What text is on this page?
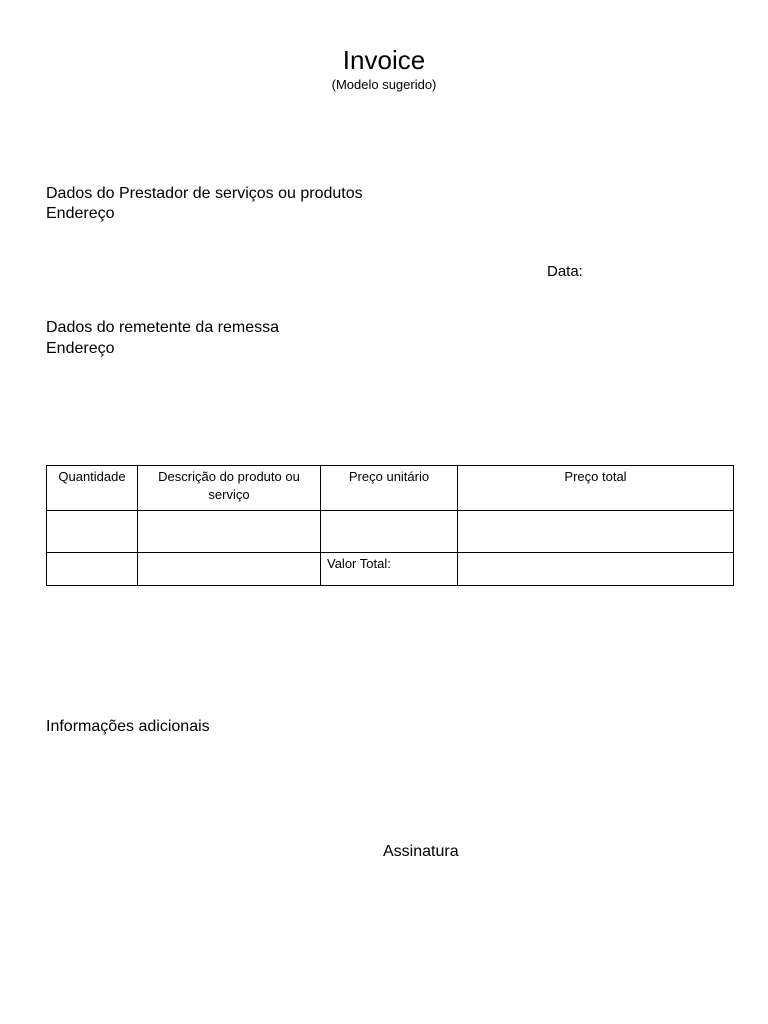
Invoice
(Modelo sugerido)
Dados do Prestador de serviços ou produtos
Endereço
Data:
Dados do remetente da remessa
Endereço
Quantidade	Descrição do produto ou serviço	Preço unitário	Preço total

		Valor Total:	
Informações adicionais
Assinatura
